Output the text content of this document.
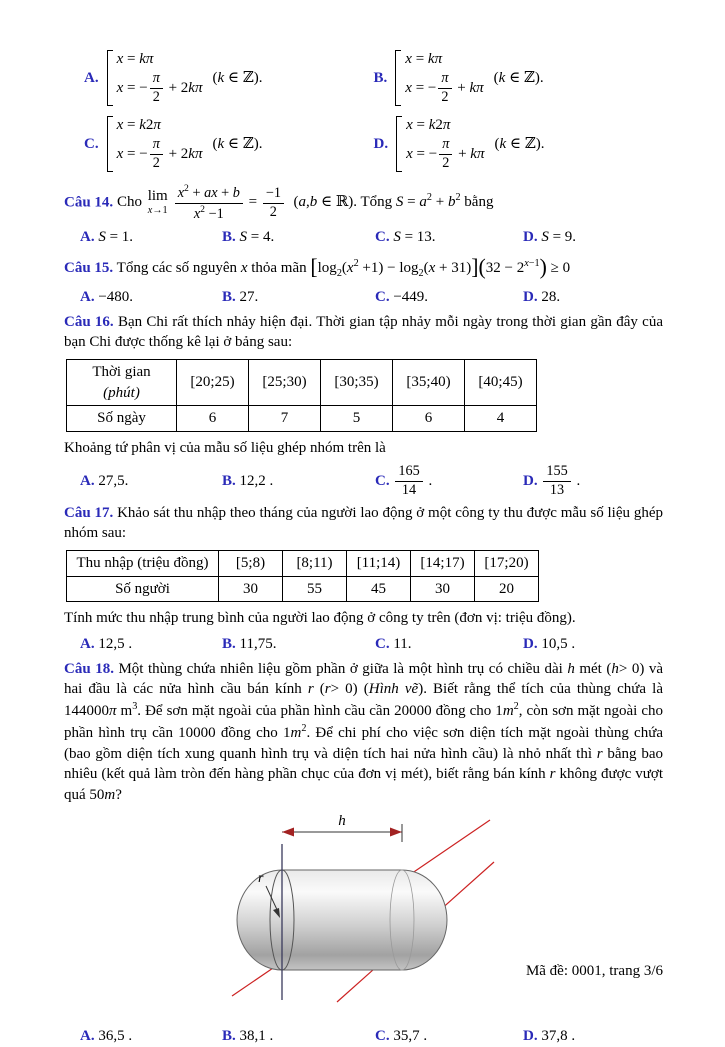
A.
x = kπ
x = − $\frac{\pi}{2} + 2k\pi$
(k ∈ ℤ).	B.
x = kπ
x = − $\frac{\pi}{2} + k\pi$
(k ∈ ℤ).
C.
x = k2π
x = − $\frac{\pi}{2} + 2k\pi$
(k ∈ ℤ).	D.
x = k2π
x = − $\frac{\pi}{2} + k\pi$
(k ∈ ℤ).

Câu 14. Cho lim
$x\to 1 \frac{x^2 + ax + b}{x^2 -1} = \frac{-1}{2} (a,b$ ∈ ℝ). Tổng $S = a^2 + b^2$ bằng

A. S = 1.	B. S = 4.	C. S = 13.	D. S = 9.

Câu 15. Tổng các số nguyên x thỏa mãn $[\log_2(x^2 +1) - \log_2(x + 31)](32 - 2^{x-1}) \ge 0$

A. −480.	B. 27.	C. −449.	D. 28.

Câu 16. Bạn Chi rất thích nhảy hiện đại. Thời gian tập nhảy mỗi ngày trong thời gian gần đây của bạn Chi được thống kê lại ở bảng sau:

Thời gian (phút)	[20;25)	[25;30)	[30;35)	[35;40)	[40;45)
Số ngày	6	7	5	6	4

Khoảng tứ phân vị của mẫu số liệu ghép nhóm trên là

A. 27,5.	B. 12,2 .	C. $\frac{165}{14}$ .	D. $\frac{155}{13}$ .

Câu 17. Khảo sát thu nhập theo tháng của người lao động ở một công ty thu được mẫu số liệu ghép nhóm sau:

Thu nhập (triệu đồng)	[5;8)	[8;11)	[11;14)	[14;17)	[17;20)
Số người	30	55	45	30	20

Tính mức thu nhập trung bình của người lao động ở công ty trên (đơn vị: triệu đồng).

A. 12,5 .	B. 11,75.	C. 11.	D. 10,5 .

Câu 18. Một thùng chứa nhiên liệu gồm phần ở giữa là một hình trụ có chiều dài h mét (h> 0) và hai đầu là các nửa hình cầu bán kính r (r> 0) (Hình vẽ). Biết rằng thể tích của thùng chứa là 144000π $m^3$. Để sơn mặt ngoài của phần hình cầu cần 20000 đồng cho $1m^2$, còn sơn mặt ngoài cho phần hình trụ cần 10000 đồng cho $1m^2$. Để chi phí cho việc sơn diện tích mặt ngoài thùng chứa (bao gồm diện tích xung quanh hình trụ và diện tích hai nửa hình cầu) là nhỏ nhất thì r bằng bao nhiêu (kết quả làm tròn đến hàng phần chục của đơn vị mét), biết rằng bán kính r không được vượt quá 50m?

h
r
A. 36,5 .	B. 38,1 .	C. 35,7 .	D. 37,8 .
Mã đề: 0001, trang 3/6
